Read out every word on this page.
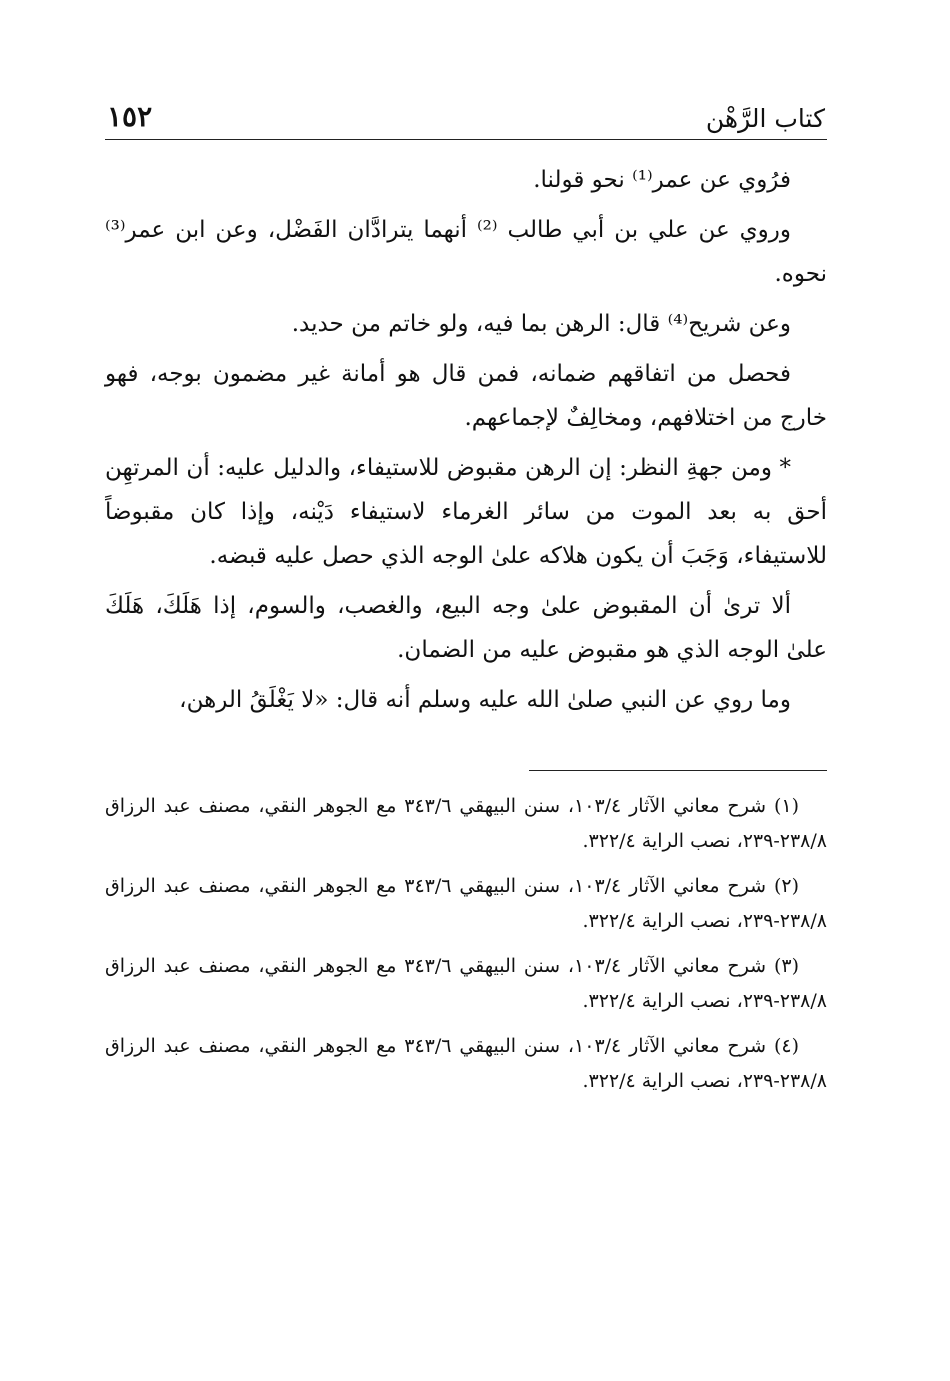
كتاب الرَّهْن
١٥٢

فرُوي عن عمر⁽¹⁾ نحو قولنا.

وروي عن علي بن أبي طالب ⁽²⁾ أنهما يترادَّان الفَضْل، وعن ابن عمر⁽³⁾ نحوه.

وعن شريح⁽⁴⁾ قال: الرهن بما فيه، ولو خاتم من حديد.

فحصل من اتفاقهم ضمانه، فمن قال هو أمانة غير مضمون بوجه، فهو خارج من اختلافهم، ومخالِفٌ لإجماعهم.

* ومن جهةِ النظر: إن الرهن مقبوض للاستيفاء، والدليل عليه: أن المرتهِن أحق به بعد الموت من سائر الغرماء لاستيفاء دَيْنه، وإذا كان مقبوضاً للاستيفاء، وَجَبَ أن يكون هلاكه علىٰ الوجه الذي حصل عليه قبضه.

ألا ترىٰ أن المقبوض علىٰ وجه البيع، والغصب، والسوم، إذا هَلَكَ، هَلَكَ علىٰ الوجه الذي هو مقبوض عليه من الضمان.

وما روي عن النبي صلىٰ الله عليه وسلم أنه قال: «لا يَغْلَقُ الرهن،

(١) شرح معاني الآثار ١٠٣/٤، سنن البيهقي ٣٤٣/٦ مع الجوهر النقي، مصنف عبد الرزاق ٢٣٨/٨-٢٣٩، نصب الراية ٣٢٢/٤.

(٢) شرح معاني الآثار ١٠٣/٤، سنن البيهقي ٣٤٣/٦ مع الجوهر النقي، مصنف عبد الرزاق ٢٣٨/٨-٢٣٩، نصب الراية ٣٢٢/٤.

(٣) شرح معاني الآثار ١٠٣/٤، سنن البيهقي ٣٤٣/٦ مع الجوهر النقي، مصنف عبد الرزاق ٢٣٨/٨-٢٣٩، نصب الراية ٣٢٢/٤.

(٤) شرح معاني الآثار ١٠٣/٤، سنن البيهقي ٣٤٣/٦ مع الجوهر النقي، مصنف عبد الرزاق ٢٣٨/٨-٢٣٩، نصب الراية ٣٢٢/٤.
